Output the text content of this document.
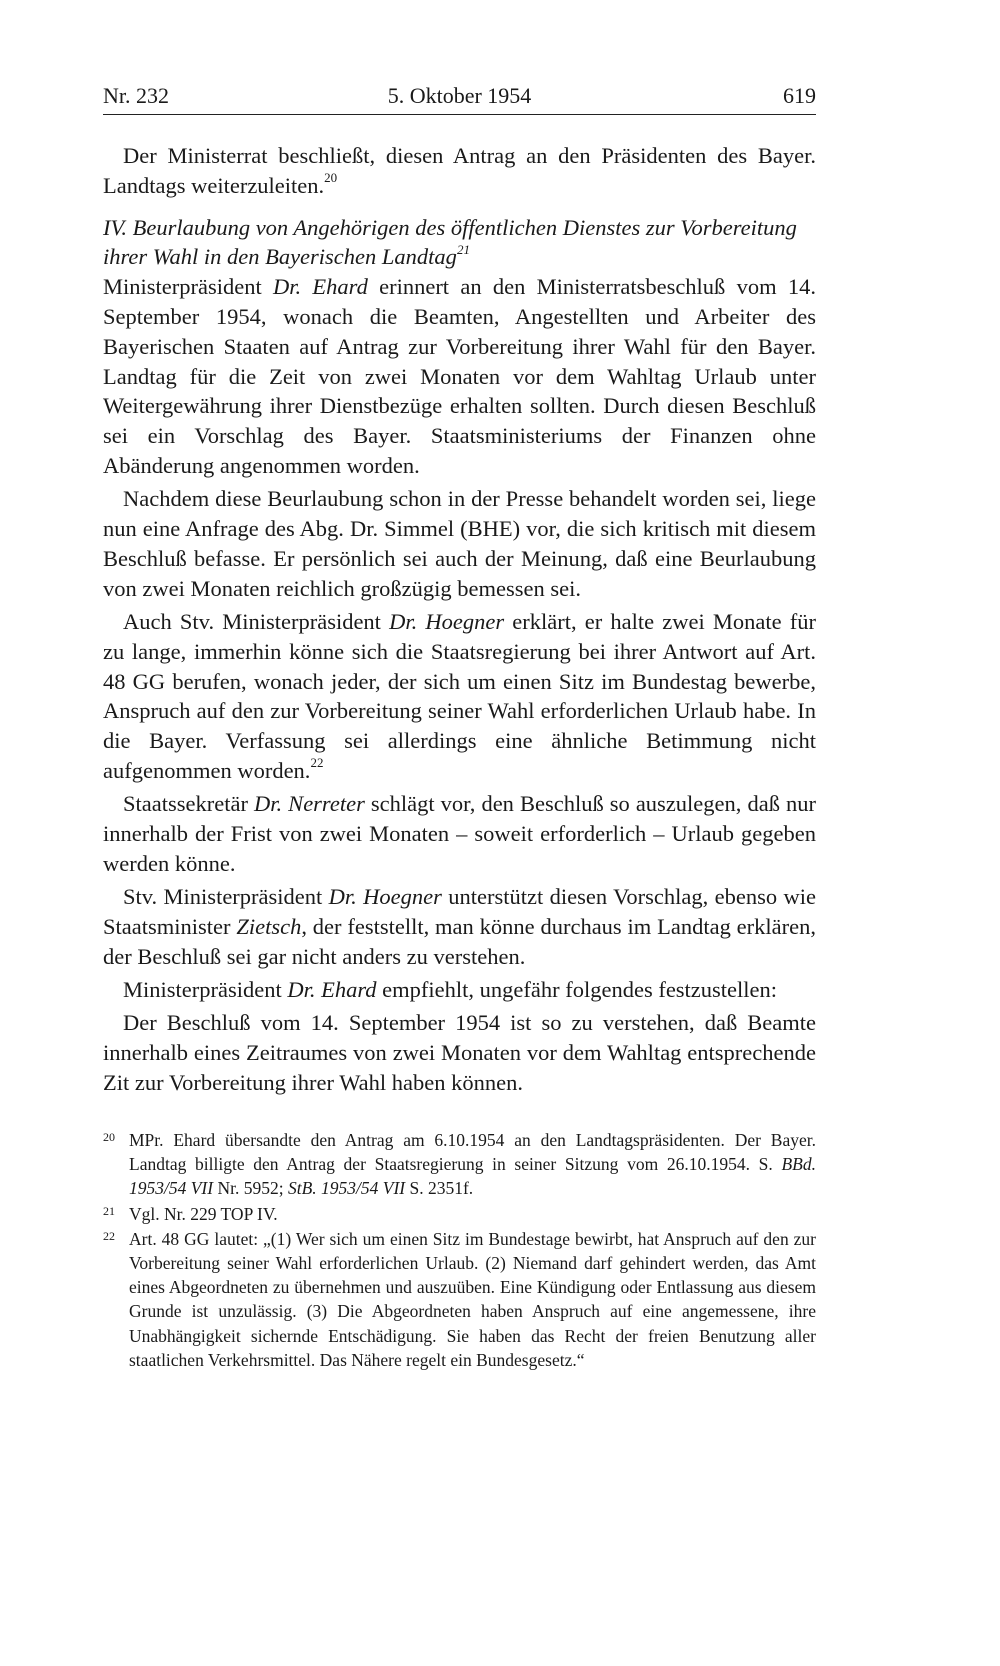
Nr. 232	5. Oktober 1954	619

Der Ministerrat beschließt, diesen Antrag an den Präsidenten des Bayer. Landtags weiterzuleiten.$^{20}$

IV. Beurlaubung von Angehörigen des öffentlichen Dienstes zur Vorbereitung ihrer Wahl in den Bayerischen Landtag$^{21}$

Ministerpräsident Dr. Ehard erinnert an den Ministerratsbeschluß vom 14. September 1954, wonach die Beamten, Angestellten und Arbeiter des Bayerischen Staaten auf Antrag zur Vorbereitung ihrer Wahl für den Bayer. Landtag für die Zeit von zwei Monaten vor dem Wahltag Urlaub unter Weitergewährung ihrer Dienstbezüge erhalten sollten. Durch diesen Beschluß sei ein Vorschlag des Bayer. Staatsministeriums der Finanzen ohne Abänderung angenommen worden.

Nachdem diese Beurlaubung schon in der Presse behandelt worden sei, liege nun eine Anfrage des Abg. Dr. Simmel (BHE) vor, die sich kritisch mit diesem Beschluß befasse. Er persönlich sei auch der Meinung, daß eine Beurlaubung von zwei Monaten reichlich großzügig bemessen sei.

Auch Stv. Ministerpräsident Dr. Hoegner erklärt, er halte zwei Monate für zu lange, immerhin könne sich die Staatsregierung bei ihrer Antwort auf Art. 48 GG berufen, wonach jeder, der sich um einen Sitz im Bundestag bewerbe, Anspruch auf den zur Vorbereitung seiner Wahl erforderlichen Urlaub habe. In die Bayer. Verfassung sei allerdings eine ähnliche Betimmung nicht aufgenommen worden.$^{22}$

Staatssekretär Dr. Nerreter schlägt vor, den Beschluß so auszulegen, daß nur innerhalb der Frist von zwei Monaten – soweit erforderlich – Urlaub gegeben werden könne.

Stv. Ministerpräsident Dr. Hoegner unterstützt diesen Vorschlag, ebenso wie Staatsminister Zietsch, der feststellt, man könne durchaus im Landtag erklären, der Beschluß sei gar nicht anders zu verstehen.

Ministerpräsident Dr. Ehard empfiehlt, ungefähr folgendes festzustellen:

Der Beschluß vom 14. September 1954 ist so zu verstehen, daß Beamte innerhalb eines Zeitraumes von zwei Monaten vor dem Wahltag entsprechende Zit zur Vorbereitung ihrer Wahl haben können.

20 MPr. Ehard übersandte den Antrag am 6.10.1954 an den Landtagspräsidenten. Der Bayer. Landtag billigte den Antrag der Staatsregierung in seiner Sitzung vom 26.10.1954. S. BBd. 1953/54 VII Nr. 5952; StB. 1953/54 VII S. 2351f.

21 Vgl. Nr. 229 TOP IV.

22 Art. 48 GG lautet: „(1) Wer sich um einen Sitz im Bundestage bewirbt, hat Anspruch auf den zur Vorbereitung seiner Wahl erforderlichen Urlaub. (2) Niemand darf gehindert werden, das Amt eines Abgeordneten zu übernehmen und auszuüben. Eine Kündigung oder Entlassung aus diesem Grunde ist unzulässig. (3) Die Abgeordneten haben Anspruch auf eine angemessene, ihre Unabhängigkeit sichernde Entschädigung. Sie haben das Recht der freien Benutzung aller staatlichen Verkehrsmittel. Das Nähere regelt ein Bundesgesetz.“
